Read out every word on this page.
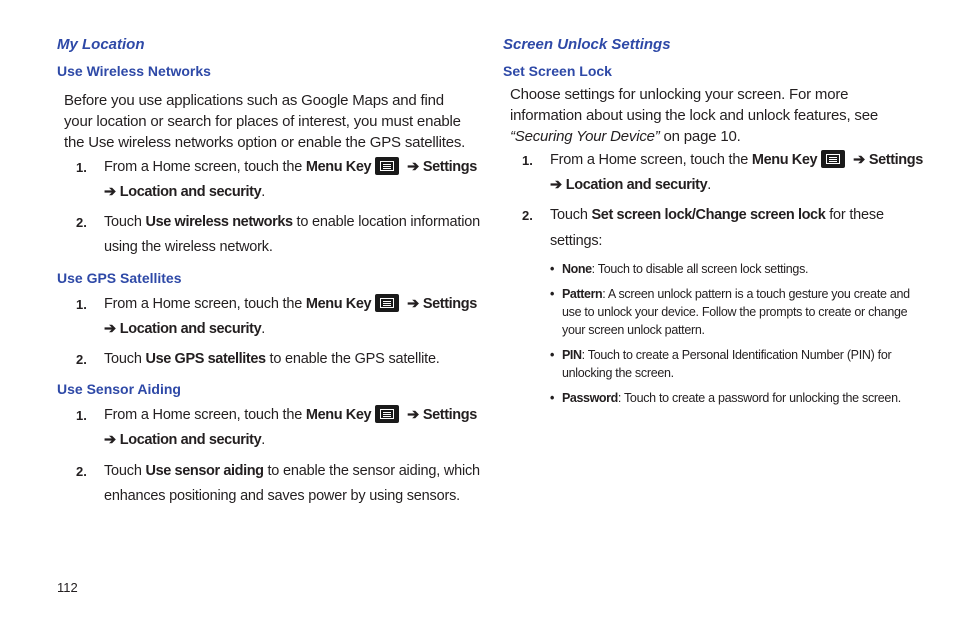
My Location
Use Wireless Networks

Before you use applications such as Google Maps and find your location or search for places of interest, you must enable the Use wireless networks option or enable the GPS satellites.

1. From a Home screen, touch the Menu Key ➔ Settings
➔ Location and security.
2. Touch Use wireless networks to enable location information
using the wireless network.
Use GPS Satellites
1. From a Home screen, touch the Menu Key ➔ Settings
➔ Location and security.
2. Touch Use GPS satellites to enable the GPS satellite.
Use Sensor Aiding
1. From a Home screen, touch the Menu Key ➔ Settings
➔ Location and security.
2. Touch Use sensor aiding to enable the sensor aiding, which
enhances positioning and saves power by using sensors.
Screen Unlock Settings
Set Screen Lock

Choose settings for unlocking your screen. For more information about using the lock and unlock features, see “Securing Your Device” on page 10.

1. From a Home screen, touch the Menu Key ➔ Settings
➔ Location and security.
2. Touch Set screen lock/Change screen lock for these
settings:
• None: Touch to disable all screen lock settings.
• Pattern: A screen unlock pattern is a touch gesture you create and use to unlock your device. Follow the prompts to create or change your screen unlock pattern.
• PIN: Touch to create a Personal Identification Number (PIN) for unlocking the screen.
• Password: Touch to create a password for unlocking the screen.
112
